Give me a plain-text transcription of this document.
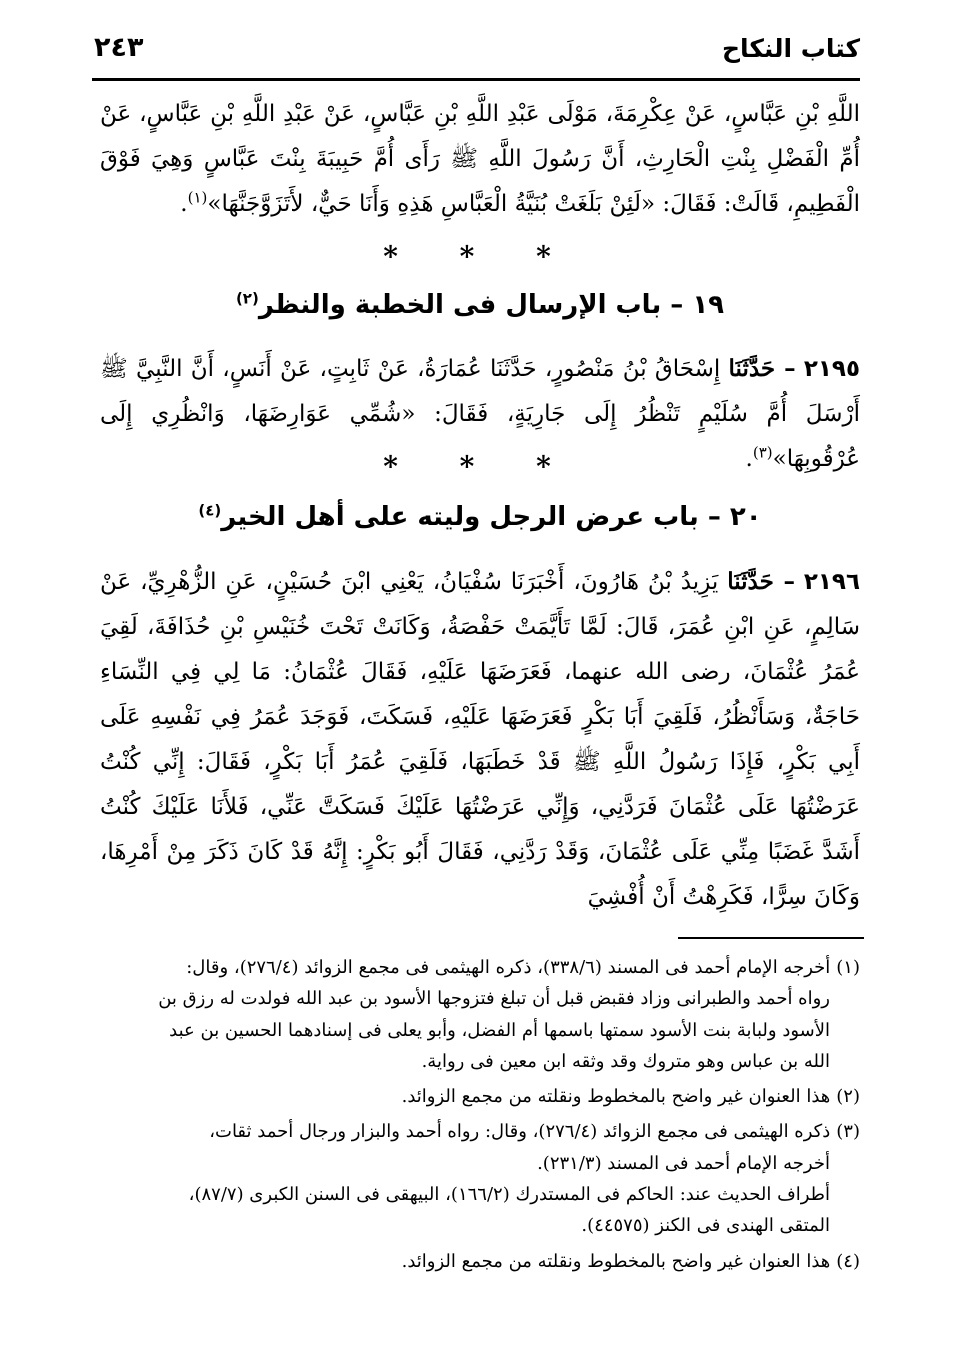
كتاب النكاح
٢٤٣

اللَّهِ بْنِ عَبَّاسٍ، عَنْ عِكْرِمَةَ، مَوْلَى عَبْدِ اللَّهِ بْنِ عَبَّاسٍ، عَنْ عَبْدِ اللَّهِ بْنِ عَبَّاسٍ، عَنْ أُمِّ الْفَضْلِ بِنْتِ الْحَارِثِ، أَنَّ رَسُولَ اللَّهِ ﷺ رَأَى أُمَّ حَبِيبَةَ بِنْتَ عَبَّاسٍ وَهِيَ فَوْقَ الْفَطِيمِ، قَالَتْ: فَقَالَ: «لَئِنْ بَلَغَتْ بُنَيَّةُ الْعَبَّاسِ هَذِهِ وَأَنَا حَيٌّ، لأَتَزَوَّجَنَّهَا»$^{(١)}$.

* * *
١٩ – باب الإرسال فى الخطبة والنظر$^{(٢)}$

٢١٩٥ – حَدَّثَنَا إِسْحَاقُ بْنُ مَنْصُورٍ، حَدَّثَنَا عُمَارَةُ، عَنْ ثَابِتٍ، عَنْ أَنَسٍ، أَنَّ النَّبِيَّ ﷺ أَرْسَلَ أُمَّ سُلَيْمٍ تَنْظُرُ إِلَى جَارِيَةٍ، فَقَالَ: «شُمِّي عَوَارِضَهَا، وَانْظُرِي إِلَى عُرْقُوبِهَا»$^{(٣)}$.

* * *
٢٠ – باب عرض الرجل وليته على أهل الخير$^{(٤)}$

٢١٩٦ – حَدَّثَنَا يَزِيدُ بْنُ هَارُونَ، أَخْبَرَنَا سُفْيَانُ، يَعْنِي ابْنَ حُسَيْنٍ، عَنِ الزُّهْرِيِّ، عَنْ سَالِمٍ، عَنِ ابْنِ عُمَرَ، قَالَ: لَمَّا تَأَيَّمَتْ حَفْصَةُ، وَكَانَتْ تَحْتَ خُنَيْسِ بْنِ حُذَافَةَ، لَقِيَ عُمَرُ عُثْمَانَ، رضى الله عنهما، فَعَرَضَهَا عَلَيْهِ، فَقَالَ عُثْمَانُ: مَا لِي فِي النِّسَاءِ حَاجَةٌ، وَسَأَنْظُرُ، فَلَقِيَ أَبَا بَكْرٍ فَعَرَضَهَا عَلَيْهِ، فَسَكَتَ، فَوَجَدَ عُمَرُ فِي نَفْسِهِ عَلَى أَبِي بَكْرٍ، فَإِذَا رَسُولُ اللَّهِ ﷺ قَدْ خَطَبَهَا، فَلَقِيَ عُمَرُ أَبَا بَكْرٍ، فَقَالَ: إِنِّي كُنْتُ عَرَضْتُهَا عَلَى عُثْمَانَ فَرَدَّنِي، وَإِنِّي عَرَضْتُهَا عَلَيْكَ فَسَكَتَّ عَنِّي، فَلأَنَا عَلَيْكَ كُنْتُ أَشَدَّ غَضَبًا مِنِّي عَلَى عُثْمَانَ، وَقَدْ رَدَّنِي، فَقَالَ أَبُو بَكْرٍ: إِنَّهُ قَدْ كَانَ ذَكَرَ مِنْ أَمْرِهَا، وَكَانَ سِرًّا، فَكَرِهْتُ أَنْ أُفْشِيَ

(١)أخرجه الإمام أحمد فى المسند (٣٣٨/٦)، ذكره الهيثمى فى مجمع الزوائد (٢٧٦/٤)، وقال:
رواه أحمد والطبرانى وزاد فقبض قبل أن تبلغ فتزوجها الأسود بن عبد الله فولدت له رزق بن
الأسود ولبابة بنت الأسود سمتها باسمها أم الفضل، وأبو يعلى فى إسنادهما الحسين بن عبد
الله بن عباس وهو متروك وقد وثقه ابن معين فى رواية.
(٢)هذا العنوان غير واضح بالمخطوط ونقلته من مجمع الزوائد.
(٣)ذكره الهيثمى فى مجمع الزوائد (٢٧٦/٤)، وقال: رواه أحمد والبزار ورجال أحمد ثقات،
أخرجه الإمام أحمد فى المسند (٢٣١/٣).
أطراف الحديث عند: الحاكم فى المستدرك (١٦٦/٢)، البيهقى فى السنن الكبرى (٨٧/٧)،
المتقى الهندى فى الكنز (٤٤٥٧٥).
(٤)هذا العنوان غير واضح بالمخطوط ونقلته من مجمع الزوائد.
